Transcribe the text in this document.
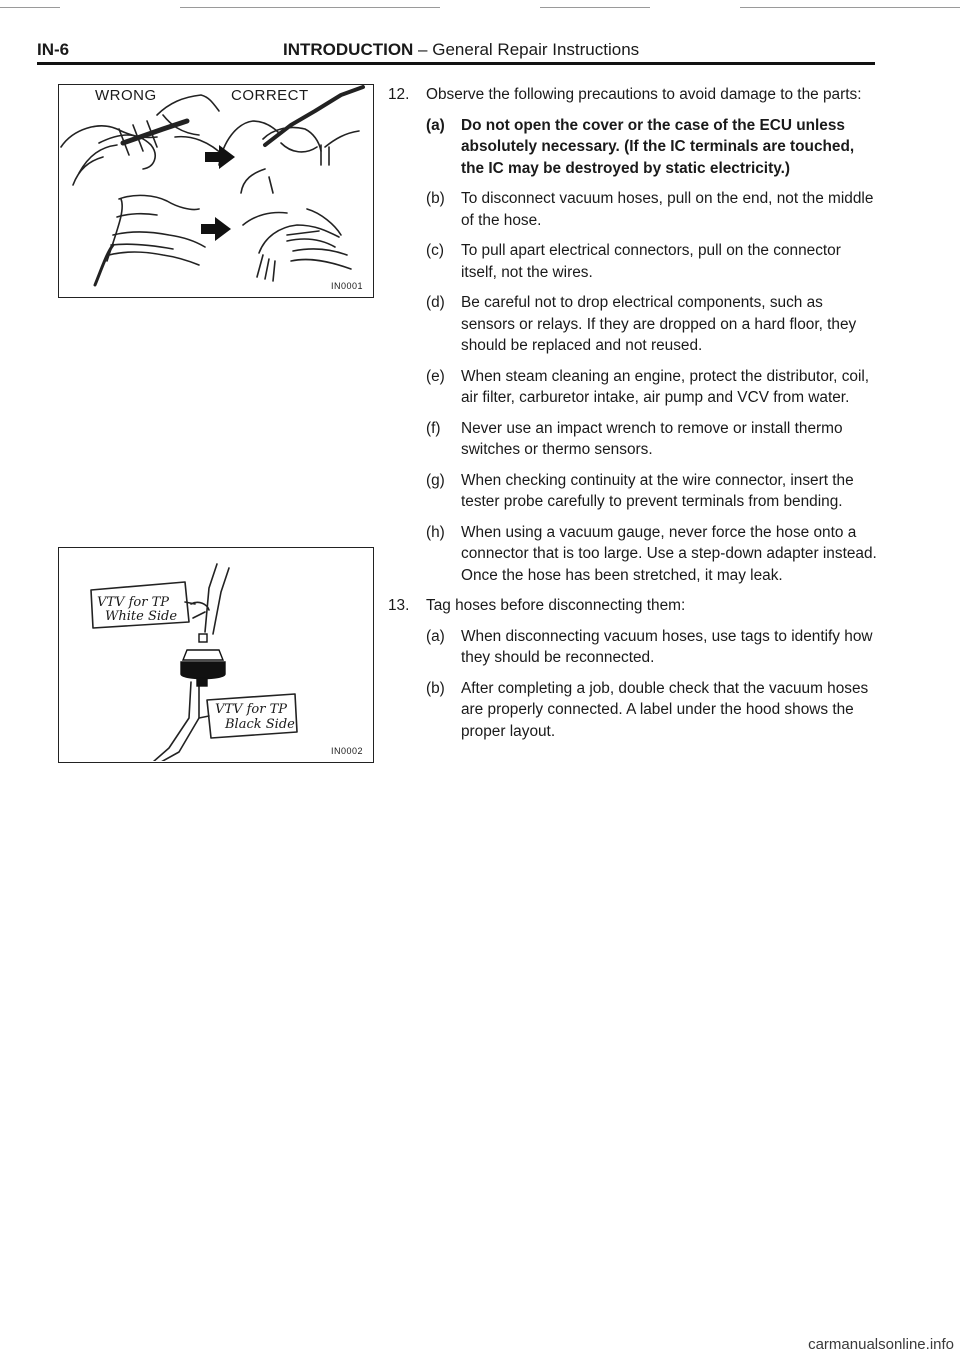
IN-6	INTRODUCTION – General Repair Instructions
WRONG	CORRECT
IN0001
VTV for TP
White Side
VTV for TP
Black Side
IN0002
12.	Observe the following precautions to avoid damage to the parts:
(a)	Do not open the cover or the case of the ECU unless absolutely necessary. (If the IC terminals are touched, the IC may be destroyed by static electricity.)
(b)	To disconnect vacuum hoses, pull on the end, not the middle of the hose.
(c)	To pull apart electrical connectors, pull on the connector itself, not the wires.
(d)	Be careful not to drop electrical components, such as sensors or relays. If they are dropped on a hard floor, they should be replaced and not reused.
(e)	When steam cleaning an engine, protect the distributor, coil, air filter, carburetor intake, air pump and VCV from water.
(f)	Never use an impact wrench to remove or install thermo switches or thermo sensors.
(g)	When checking continuity at the wire connector, insert the tester probe carefully to prevent terminals from bending.
(h)	When using a vacuum gauge, never force the hose onto a connector that is too large. Use a step-down adapter instead. Once the hose has been stretched, it may leak.
13.	Tag hoses before disconnecting them:
(a)	When disconnecting vacuum hoses, use tags to identify how they should be reconnected.
(b)	After completing a job, double check that the vacuum hoses are properly connected. A label under the hood shows the proper layout.
carmanualsonline.info
